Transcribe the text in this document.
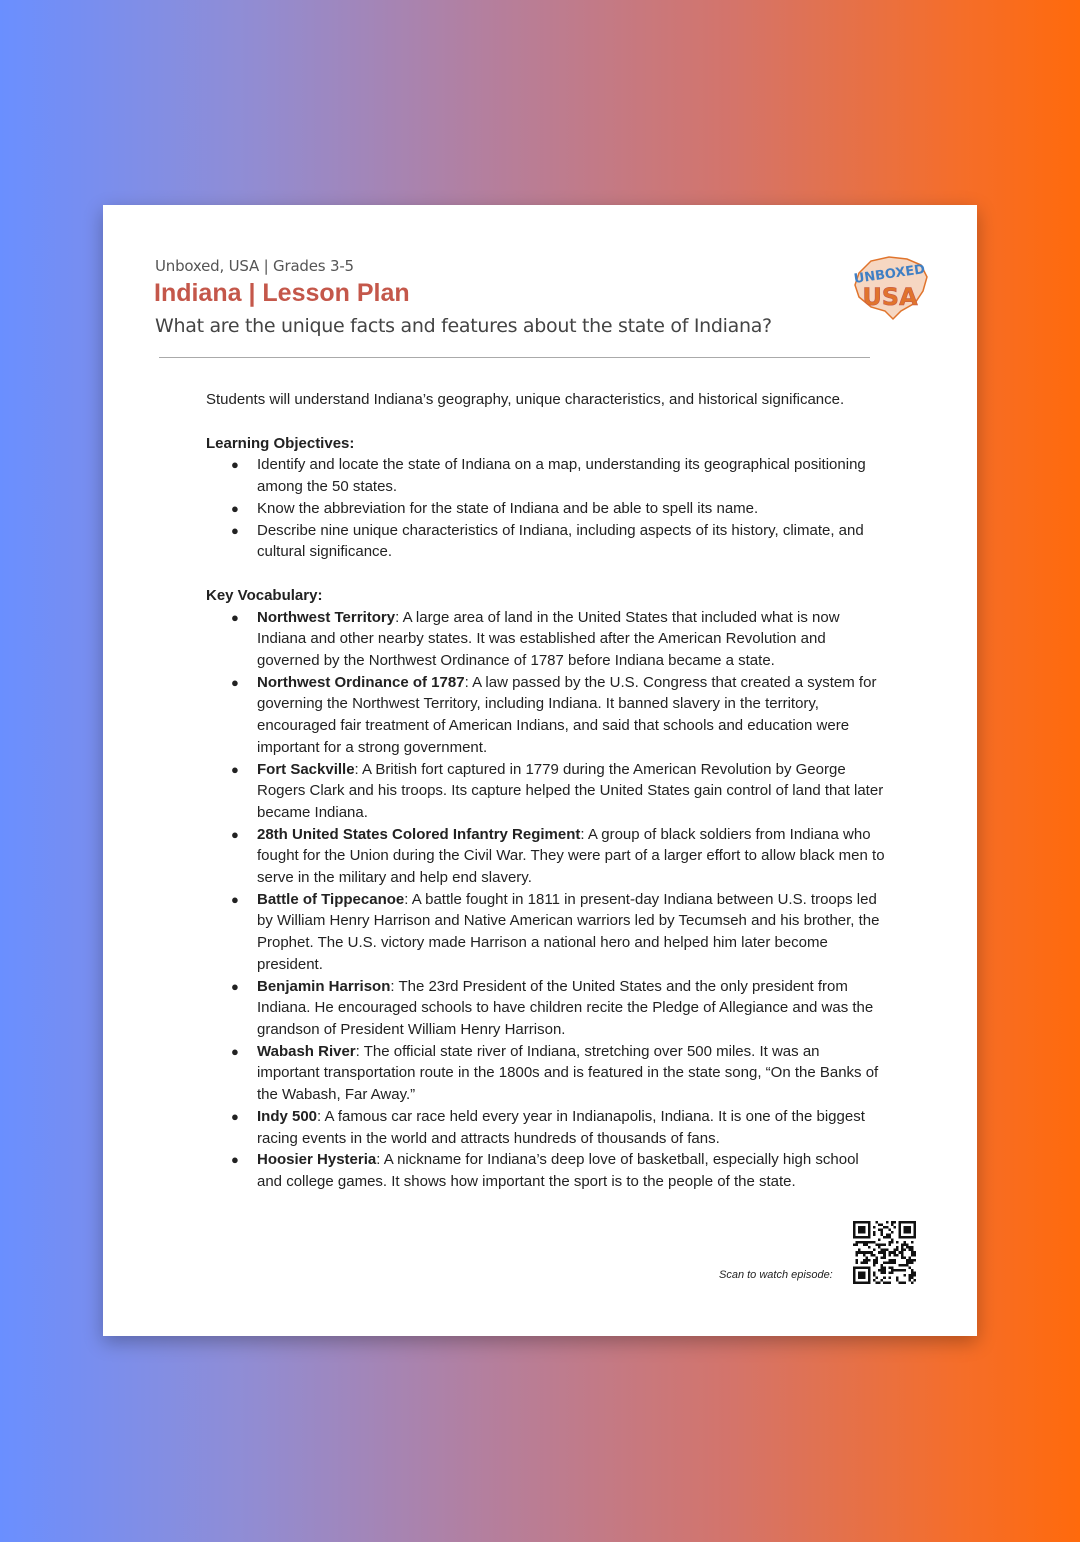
Unboxed, USA | Grades 3-5
Indiana | Lesson Plan
What are the unique facts and features about the state of Indiana?
UNBOXED
USA

Students will understand Indiana’s geography, unique characteristics, and historical significance.

Learning Objectives:
● Identify and locate the state of Indiana on a map, understanding its geographical positioning among the 50 states.
● Know the abbreviation for the state of Indiana and be able to spell its name.
● Describe nine unique characteristics of Indiana, including aspects of its history, climate, and cultural significance.
Key Vocabulary:
● Northwest Territory: A large area of land in the United States that included what is now Indiana and other nearby states. It was established after the American Revolution and governed by the Northwest Ordinance of 1787 before Indiana became a state.
● Northwest Ordinance of 1787: A law passed by the U.S. Congress that created a system for governing the Northwest Territory, including Indiana. It banned slavery in the territory, encouraged fair treatment of American Indians, and said that schools and education were important for a strong government.
● Fort Sackville: A British fort captured in 1779 during the American Revolution by George Rogers Clark and his troops. Its capture helped the United States gain control of land that later became Indiana.
● 28th United States Colored Infantry Regiment: A group of black soldiers from Indiana who fought for the Union during the Civil War. They were part of a larger effort to allow black men to serve in the military and help end slavery.
● Battle of Tippecanoe: A battle fought in 1811 in present-day Indiana between U.S. troops led by William Henry Harrison and Native American warriors led by Tecumseh and his brother, the Prophet. The U.S. victory made Harrison a national hero and helped him later become president.
● Benjamin Harrison: The 23rd President of the United States and the only president from Indiana. He encouraged schools to have children recite the Pledge of Allegiance and was the grandson of President William Henry Harrison.
● Wabash River: The official state river of Indiana, stretching over 500 miles. It was an important transportation route in the 1800s and is featured in the state song, “On the Banks of the Wabash, Far Away.”
● Indy 500: A famous car race held every year in Indianapolis, Indiana. It is one of the biggest racing events in the world and attracts hundreds of thousands of fans.
● Hoosier Hysteria: A nickname for Indiana’s deep love of basketball, especially high school and college games. It shows how important the sport is to the people of the state.
Scan to watch episode:
